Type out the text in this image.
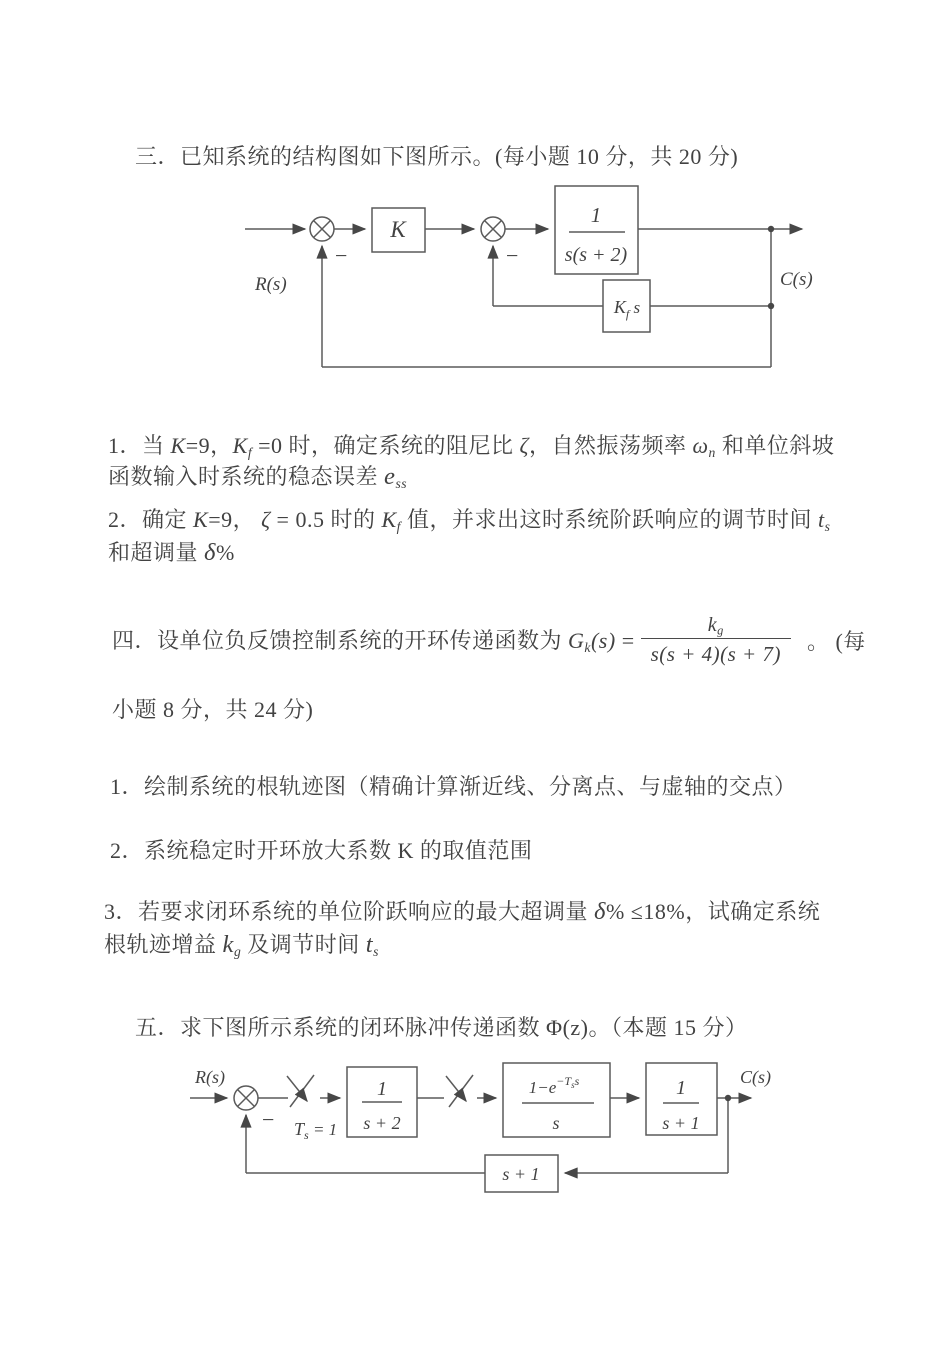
三．已知系统的结构图如下图所示。(每小题 10 分，共 20 分)
R(s)	C(s)
−	−
K
1
s(s + 2)
$K_f$ s
1．当 K=9，Kf =0 时，确定系统的阻尼比 ζ，自然振荡频率 ωn 和单位斜坡
函数输入时系统的稳态误差 ess
2．确定 K=9， ζ = 0.5 时的 Kf 值，并求出这时系统阶跃响应的调节时间 ts
和超调量 δ%
四．设单位负反馈控制系统的开环传递函数为 $Gk(s) = \frac{kg}{s(s + 4)(s + 7)}$ 。 (每
小题 8 分，共 24 分)
1．绘制系统的根轨迹图（精确计算渐近线、分离点、与虚轴的交点）
2．系统稳定时开环放大系数 K 的取值范围
3．若要求闭环系统的单位阶跃响应的最大超调量 δ% ≤18%，试确定系统
根轨迹增益 kg 及调节时间 ts
五．求下图所示系统的闭环脉冲传递函数 Φ(z)。（本题 15 分）
R(s)	C(s)
− $T_s = 1$
1
s + 2
$1-e^{-T}ss$
s
1
s + 1
s + 1
